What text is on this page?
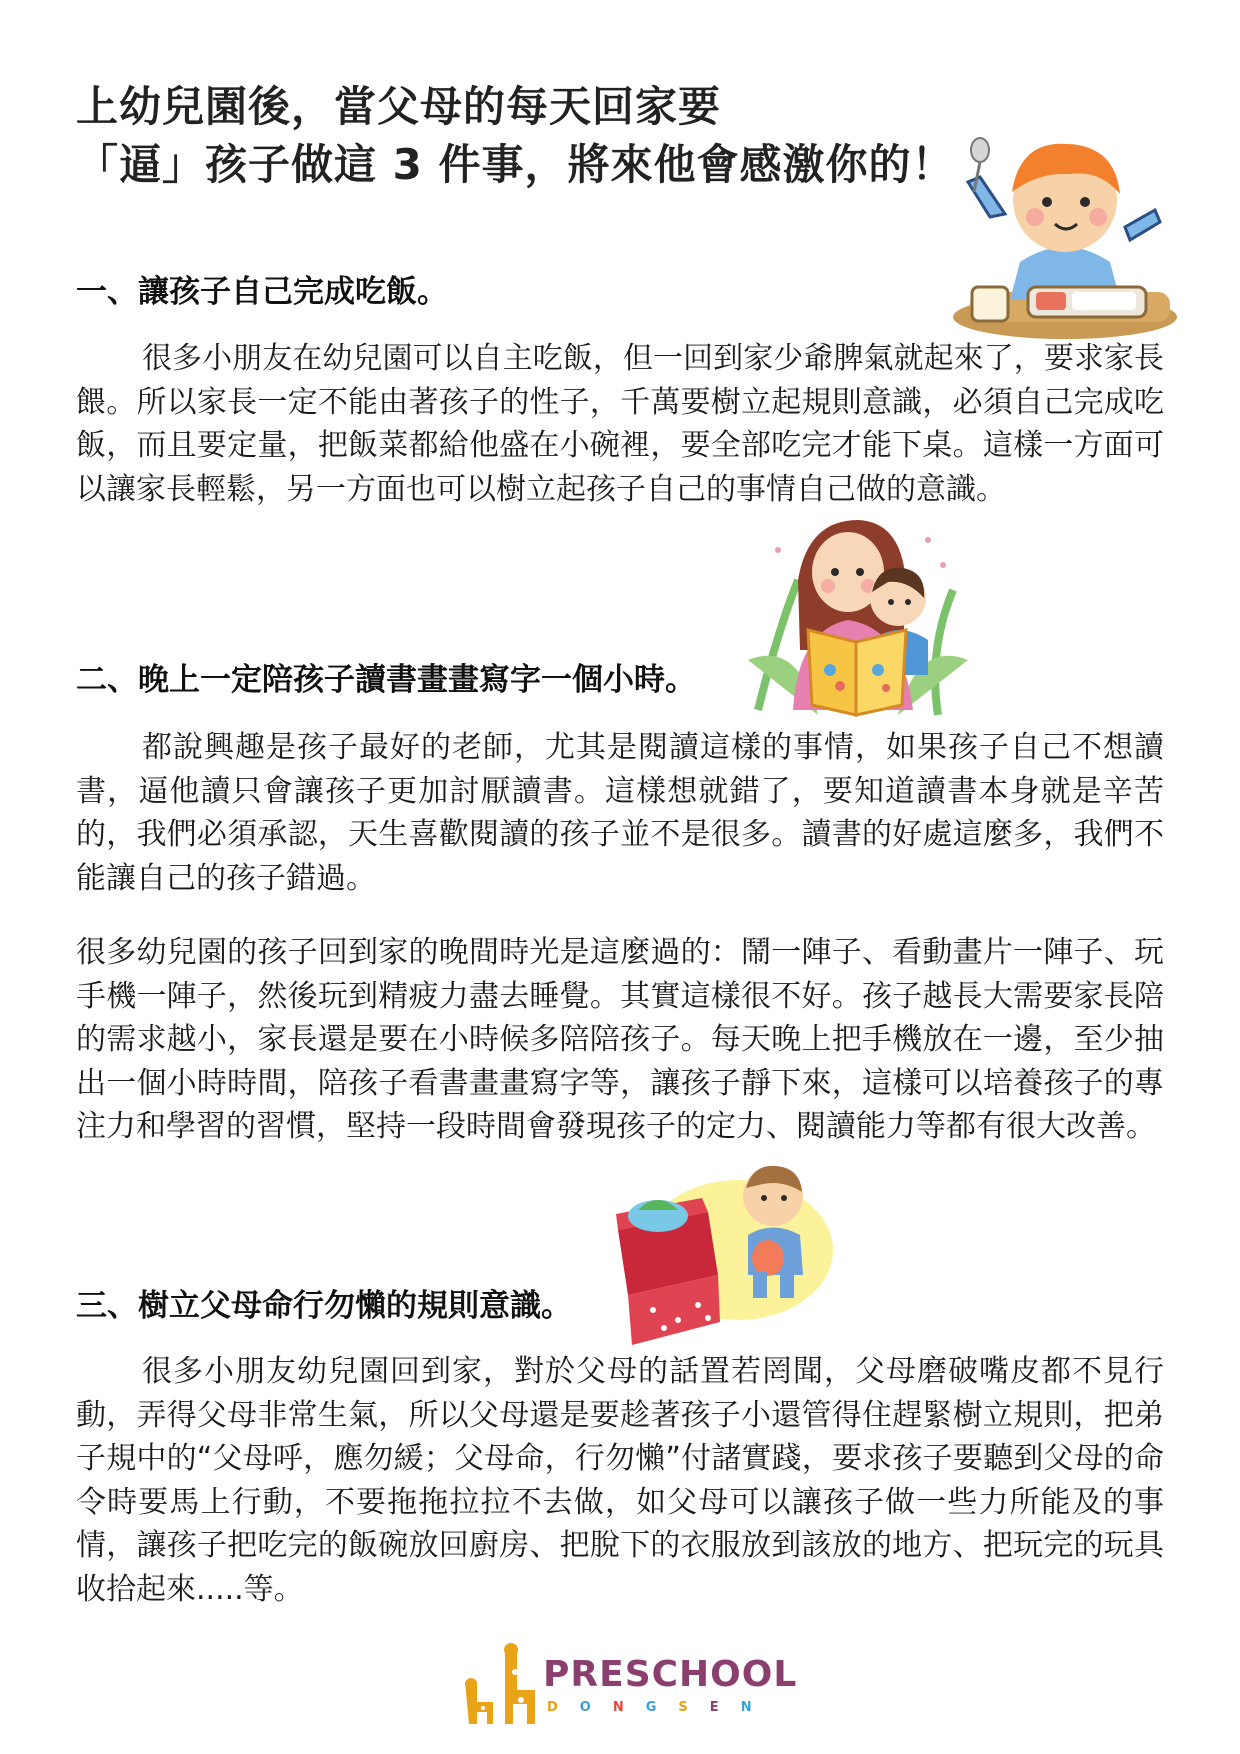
上幼兒園後，當父母的每天回家要
「逼」孩子做這 3 件事，將來他會感激你的！
一、讓孩子自己完成吃飯。

很多小朋友在幼兒園可以自主吃飯，但一回到家少爺脾氣就起來了，要求家長餵。所以家長一定不能由著孩子的性子，千萬要樹立起規則意識，必須自己完成吃飯，而且要定量，把飯菜都給他盛在小碗裡，要全部吃完才能下桌。這樣一方面可以讓家長輕鬆，另一方面也可以樹立起孩子自己的事情自己做的意識。

二、晚上一定陪孩子讀書畫畫寫字一個小時。

都說興趣是孩子最好的老師，尤其是閱讀這樣的事情，如果孩子自己不想讀書，逼他讀只會讓孩子更加討厭讀書。這樣想就錯了，要知道讀書本身就是辛苦的，我們必須承認，天生喜歡閱讀的孩子並不是很多。讀書的好處這麼多，我們不能讓自己的孩子錯過。

很多幼兒園的孩子回到家的晚間時光是這麼過的：鬧一陣子、看動畫片一陣子、玩手機一陣子，然後玩到精疲力盡去睡覺。其實這樣很不好。孩子越長大需要家長陪的需求越小，家長還是要在小時候多陪陪孩子。每天晚上把手機放在一邊，至少抽出一個小時時間，陪孩子看書畫畫寫字等，讓孩子靜下來，這樣可以培養孩子的專注力和學習的習慣，堅持一段時間會發現孩子的定力、閱讀能力等都有很大改善。

三、樹立父母命行勿懶的規則意識。

很多小朋友幼兒園回到家，對於父母的話置若罔聞，父母磨破嘴皮都不見行動，弄得父母非常生氣，所以父母還是要趁著孩子小還管得住趕緊樹立規則，把弟子規中的“父母呼，應勿緩；父母命，行勿懶”付諸實踐，要求孩子要聽到父母的命令時要馬上行動，不要拖拖拉拉不去做，如父母可以讓孩子做一些力所能及的事情，讓孩子把吃完的飯碗放回廚房、把脫下的衣服放到該放的地方、把玩完的玩具收拾起來.....等。

PRESCHOOL

DONGSEN
